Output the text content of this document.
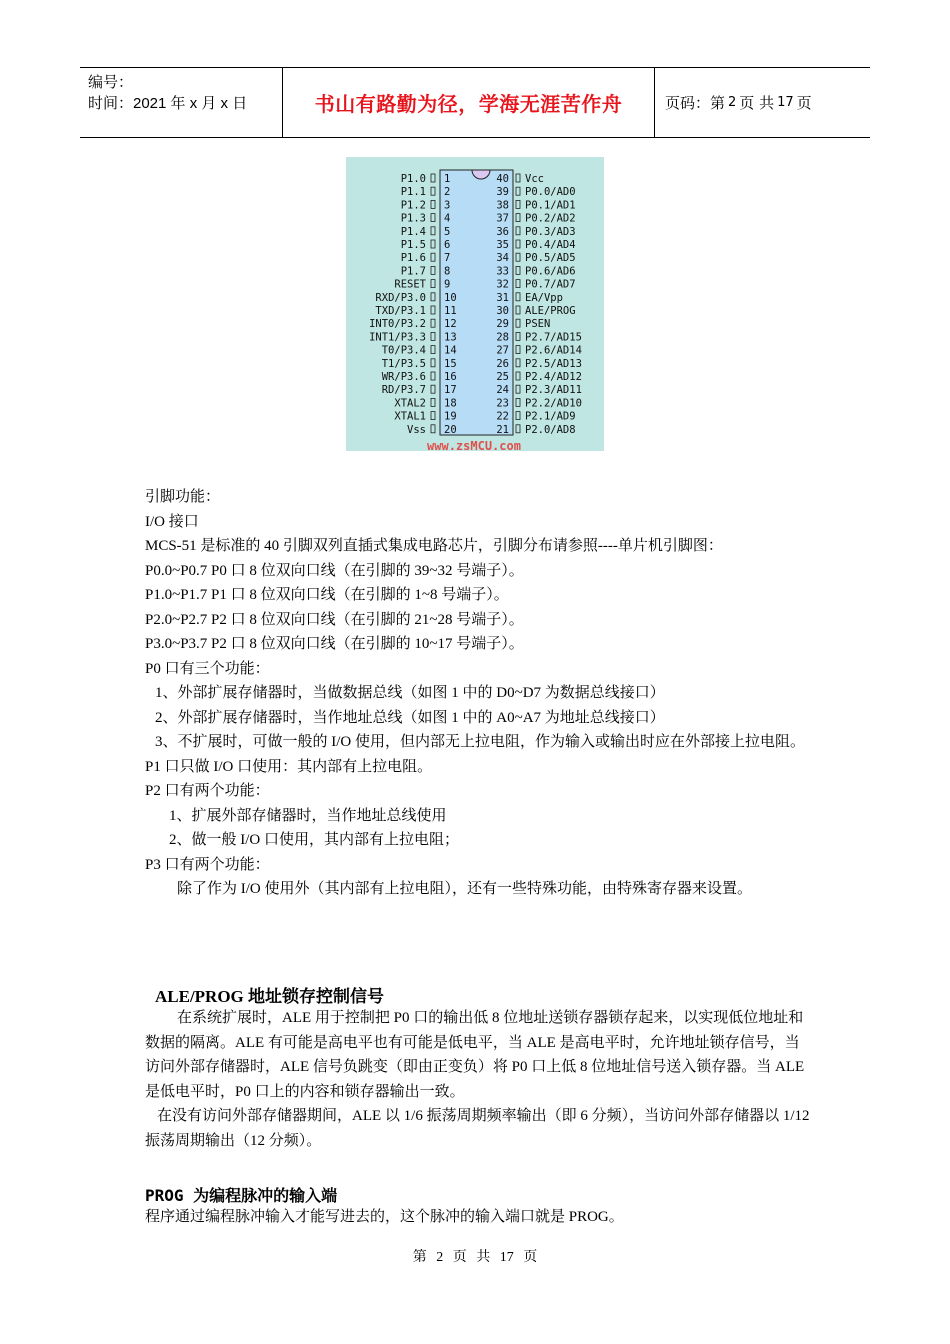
编号：
时间：2021 年 x 月 x 日	书山有路勤为径，学海无涯苦作舟	页码：第 2 页 共 17 页
www.zsMCU.com
P1.0 1
P1.1 2
P1.2 3
P1.3 4
P1.4 5
P1.5 6
P1.6 7
P1.7 8
RESET 9
RXD/P3.0 10
TXD/P3.1 11
INT0/P3.2 12
INT1/P3.3 13
T0/P3.4 14
T1/P3.5 15
WR/P3.6 16
RD/P3.7 17
XTAL2 18
XTAL1 19
Vss 20
40 Vcc
39 P0.0/AD0
38 P0.1/AD1
37 P0.2/AD2
36 P0.3/AD3
35 P0.4/AD4
34 P0.5/AD5
33 P0.6/AD6
32 P0.7/AD7
31 EA/Vpp
30 ALE/PROG
29 PSEN
28 P2.7/AD15
27 P2.6/AD14
26 P2.5/AD13
25 P2.4/AD12
24 P2.3/AD11
23 P2.2/AD10
22 P2.1/AD9
21 P2.0/AD8

引脚功能：

I/O 接口

MCS-51 是标准的 40 引脚双列直插式集成电路芯片，引脚分布请参照----单片机引脚图：

P0.0~P0.7 P0 口 8 位双向口线（在引脚的 39~32 号端子）。

P1.0~P1.7 P1 口 8 位双向口线（在引脚的 1~8 号端子）。

P2.0~P2.7 P2 口 8 位双向口线（在引脚的 21~28 号端子）。

P3.0~P3.7 P2 口 8 位双向口线（在引脚的 10~17 号端子）。

P0 口有三个功能：

1、外部扩展存储器时，当做数据总线（如图 1 中的 D0~D7 为数据总线接口）

2、外部扩展存储器时，当作地址总线（如图 1 中的 A0~A7 为地址总线接口）

3、不扩展时，可做一般的 I/O 使用，但内部无上拉电阻，作为输入或输出时应在外部接上拉电阻。

P1 口只做 I/O 口使用：其内部有上拉电阻。

P2 口有两个功能：

1、扩展外部存储器时，当作地址总线使用

2、做一般 I/O 口使用，其内部有上拉电阻；

P3 口有两个功能：

除了作为 I/O 使用外（其内部有上拉电阻），还有一些特殊功能，由特殊寄存器来设置。

ALE/PROG 地址锁存控制信号

在系统扩展时，ALE 用于控制把 P0 口的输出低 8 位地址送锁存器锁存起来，以实现低位地址和数据的隔离。ALE 有可能是高电平也有可能是低电平，当 ALE 是高电平时，允许地址锁存信号，当访问外部存储器时，ALE 信号负跳变（即由正变负）将 P0 口上低 8 位地址信号送入锁存器。当 ALE 是低电平时，P0 口上的内容和锁存器输出一致。

在没有访问外部存储器期间，ALE 以 1/6 振荡周期频率输出（即 6 分频），当访问外部存储器以 1/12 振荡周期输出（12 分频）。

PROG 为编程脉冲的输入端
程序通过编程脉冲输入才能写进去的，这个脉冲的输入端口就是 PROG。
第 2 页 共 17 页
